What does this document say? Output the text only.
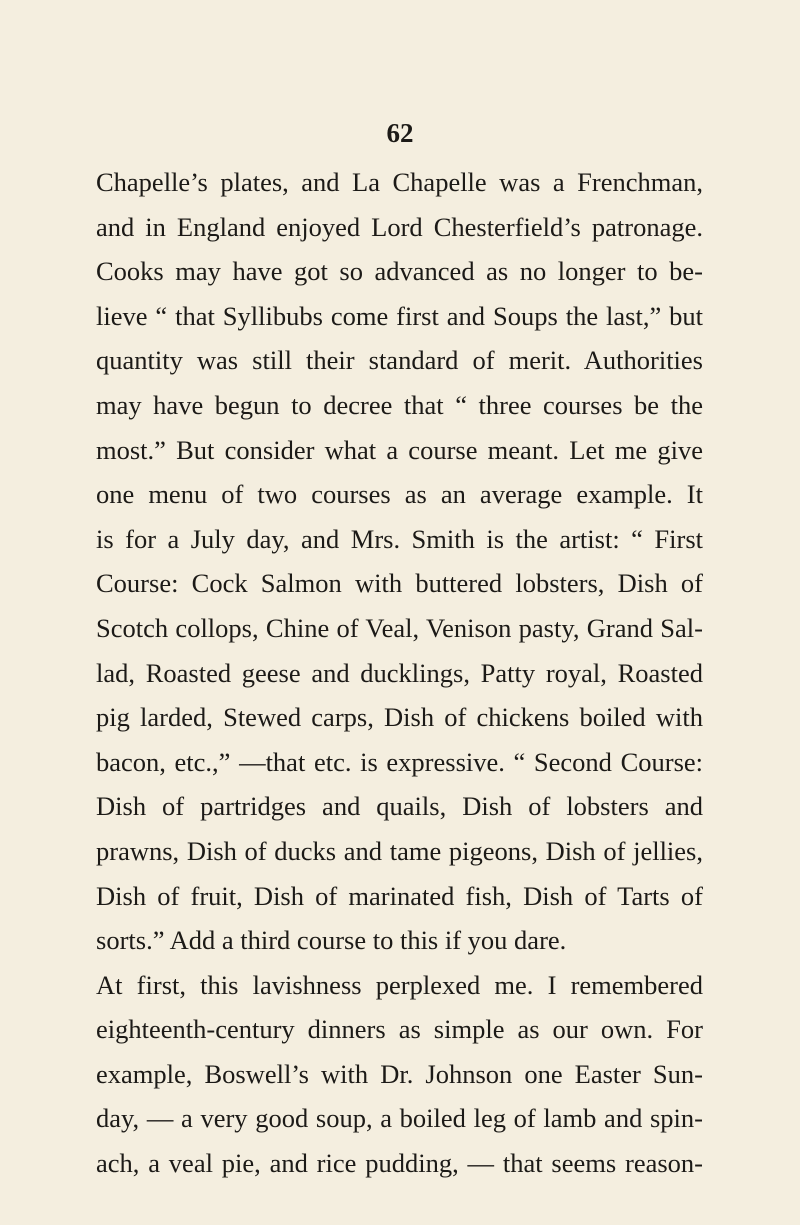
62
Chapelle’s plates, and La Chapelle was a Frenchman,
and in England enjoyed Lord Chesterfield’s patronage.
Cooks may have got so advanced as no longer to be-
lieve “ that Syllibubs come first and Soups the last,” but
quantity was still their standard of merit. Authorities
may have begun to decree that “ three courses be the
most.” But consider what a course meant. Let me give
one menu of two courses as an average example. It
is for a July day, and Mrs. Smith is the artist: “ First
Course: Cock Salmon with buttered lobsters, Dish of
Scotch collops, Chine of Veal, Venison pasty, Grand Sal-
lad, Roasted geese and ducklings, Patty royal, Roasted
pig larded, Stewed carps, Dish of chickens boiled with
bacon, etc.,” —that etc. is expressive. “ Second Course:
Dish of partridges and quails, Dish of lobsters and
prawns, Dish of ducks and tame pigeons, Dish of jellies,
Dish of fruit, Dish of marinated fish, Dish of Tarts of
sorts.” Add a third course to this if you dare.
At first, this lavishness perplexed me. I remembered
eighteenth-century dinners as simple as our own. For
example, Boswell’s with Dr. Johnson one Easter Sun-
day, — a very good soup, a boiled leg of lamb and spin-
ach, a veal pie, and rice pudding, — that seems reason-
